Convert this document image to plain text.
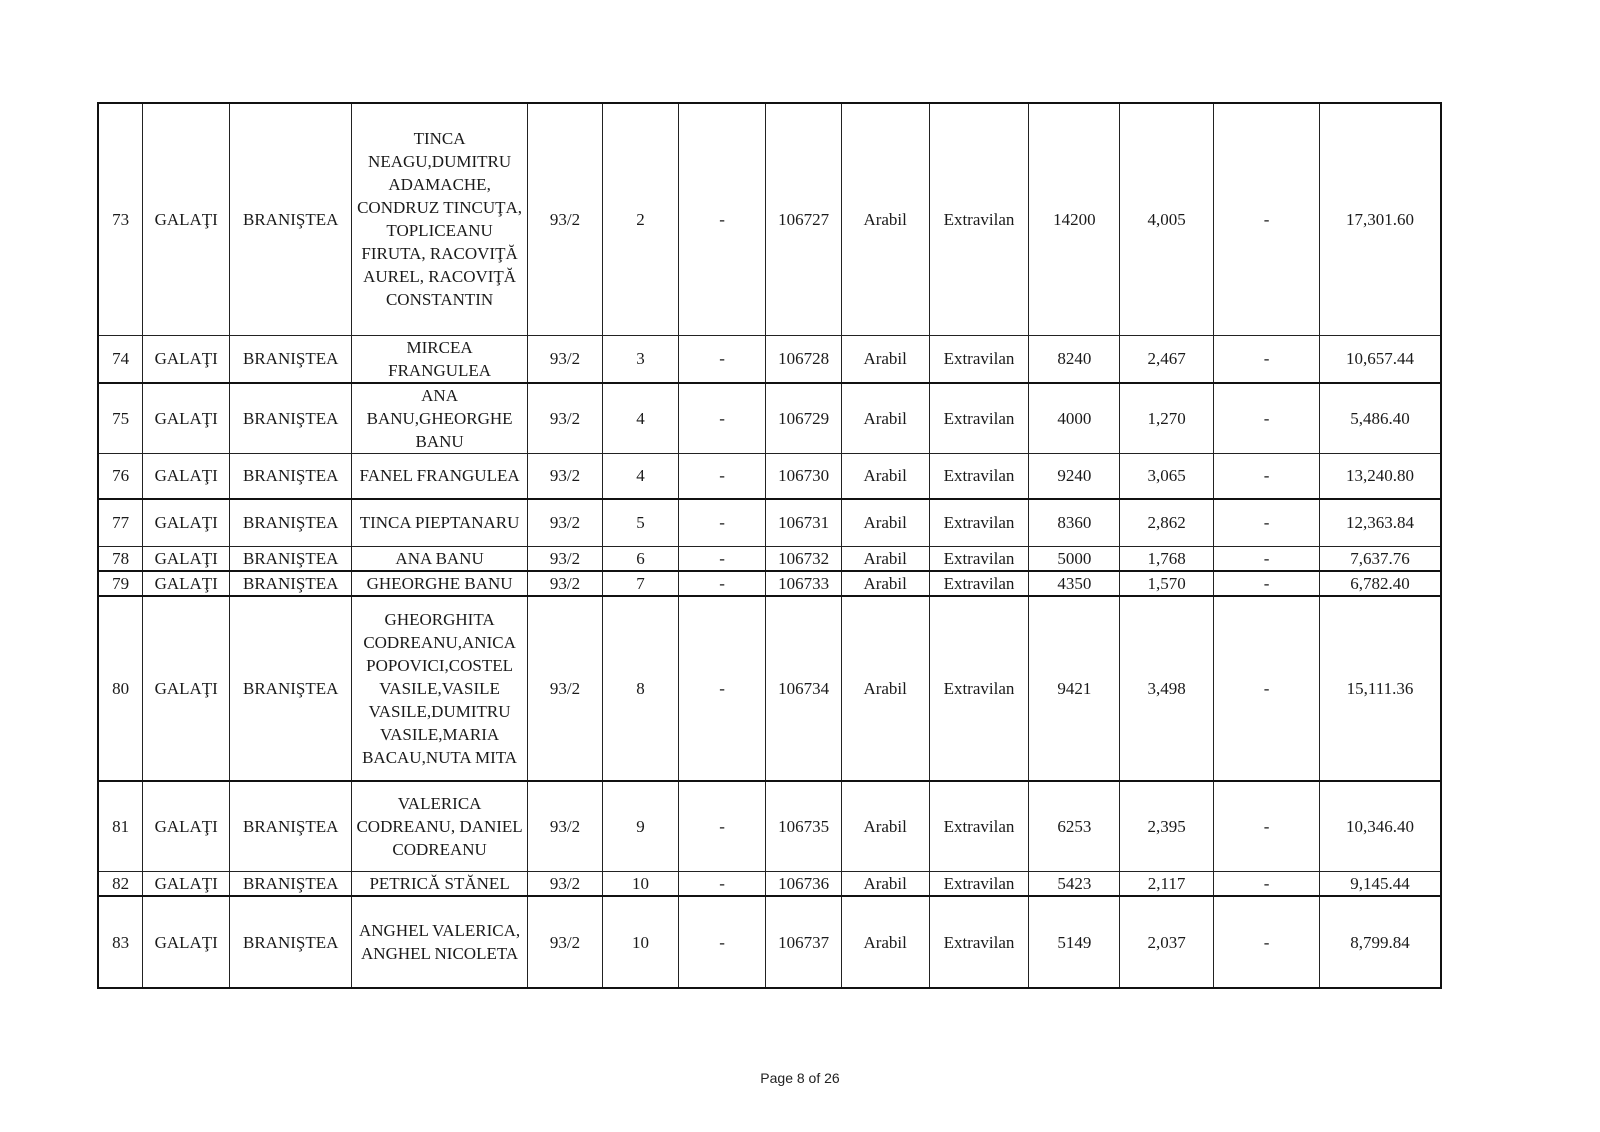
73	GALAŢI	BRANIŞTEA	TINCA NEAGU,DUMITRU ADAMACHE, CONDRUZ TINCUŢA, TOPLICEANU FIRUTA, RACOVIŢĂ AUREL, RACOVIŢĂ CONSTANTIN	93/2	2	-	106727	Arabil	Extravilan	14200	4,005	-	17,301.60
74	GALAŢI	BRANIŞTEA	MIRCEA FRANGULEA	93/2	3	-	106728	Arabil	Extravilan	8240	2,467	-	10,657.44
75	GALAŢI	BRANIŞTEA	ANA BANU,GHEORGHE BANU	93/2	4	-	106729	Arabil	Extravilan	4000	1,270	-	5,486.40
76	GALAŢI	BRANIŞTEA	FANEL FRANGULEA	93/2	4	-	106730	Arabil	Extravilan	9240	3,065	-	13,240.80
77	GALAŢI	BRANIŞTEA	TINCA PIEPTANARU	93/2	5	-	106731	Arabil	Extravilan	8360	2,862	-	12,363.84
78	GALAŢI	BRANIŞTEA	ANA BANU	93/2	6	-	106732	Arabil	Extravilan	5000	1,768	-	7,637.76
79	GALAŢI	BRANIŞTEA	GHEORGHE BANU	93/2	7	-	106733	Arabil	Extravilan	4350	1,570	-	6,782.40
80	GALAŢI	BRANIŞTEA	GHEORGHITA CODREANU,ANICA POPOVICI,COSTEL VASILE,VASILE VASILE,DUMITRU VASILE,MARIA BACAU,NUTA MITA	93/2	8	-	106734	Arabil	Extravilan	9421	3,498	-	15,111.36
81	GALAŢI	BRANIŞTEA	VALERICA CODREANU, DANIEL CODREANU	93/2	9	-	106735	Arabil	Extravilan	6253	2,395	-	10,346.40
82	GALAŢI	BRANIŞTEA	PETRICĂ STĂNEL	93/2	10	-	106736	Arabil	Extravilan	5423	2,117	-	9,145.44
83	GALAŢI	BRANIŞTEA	ANGHEL VALERICA, ANGHEL NICOLETA	93/2	10	-	106737	Arabil	Extravilan	5149	2,037	-	8,799.84
Page 8 of 26
